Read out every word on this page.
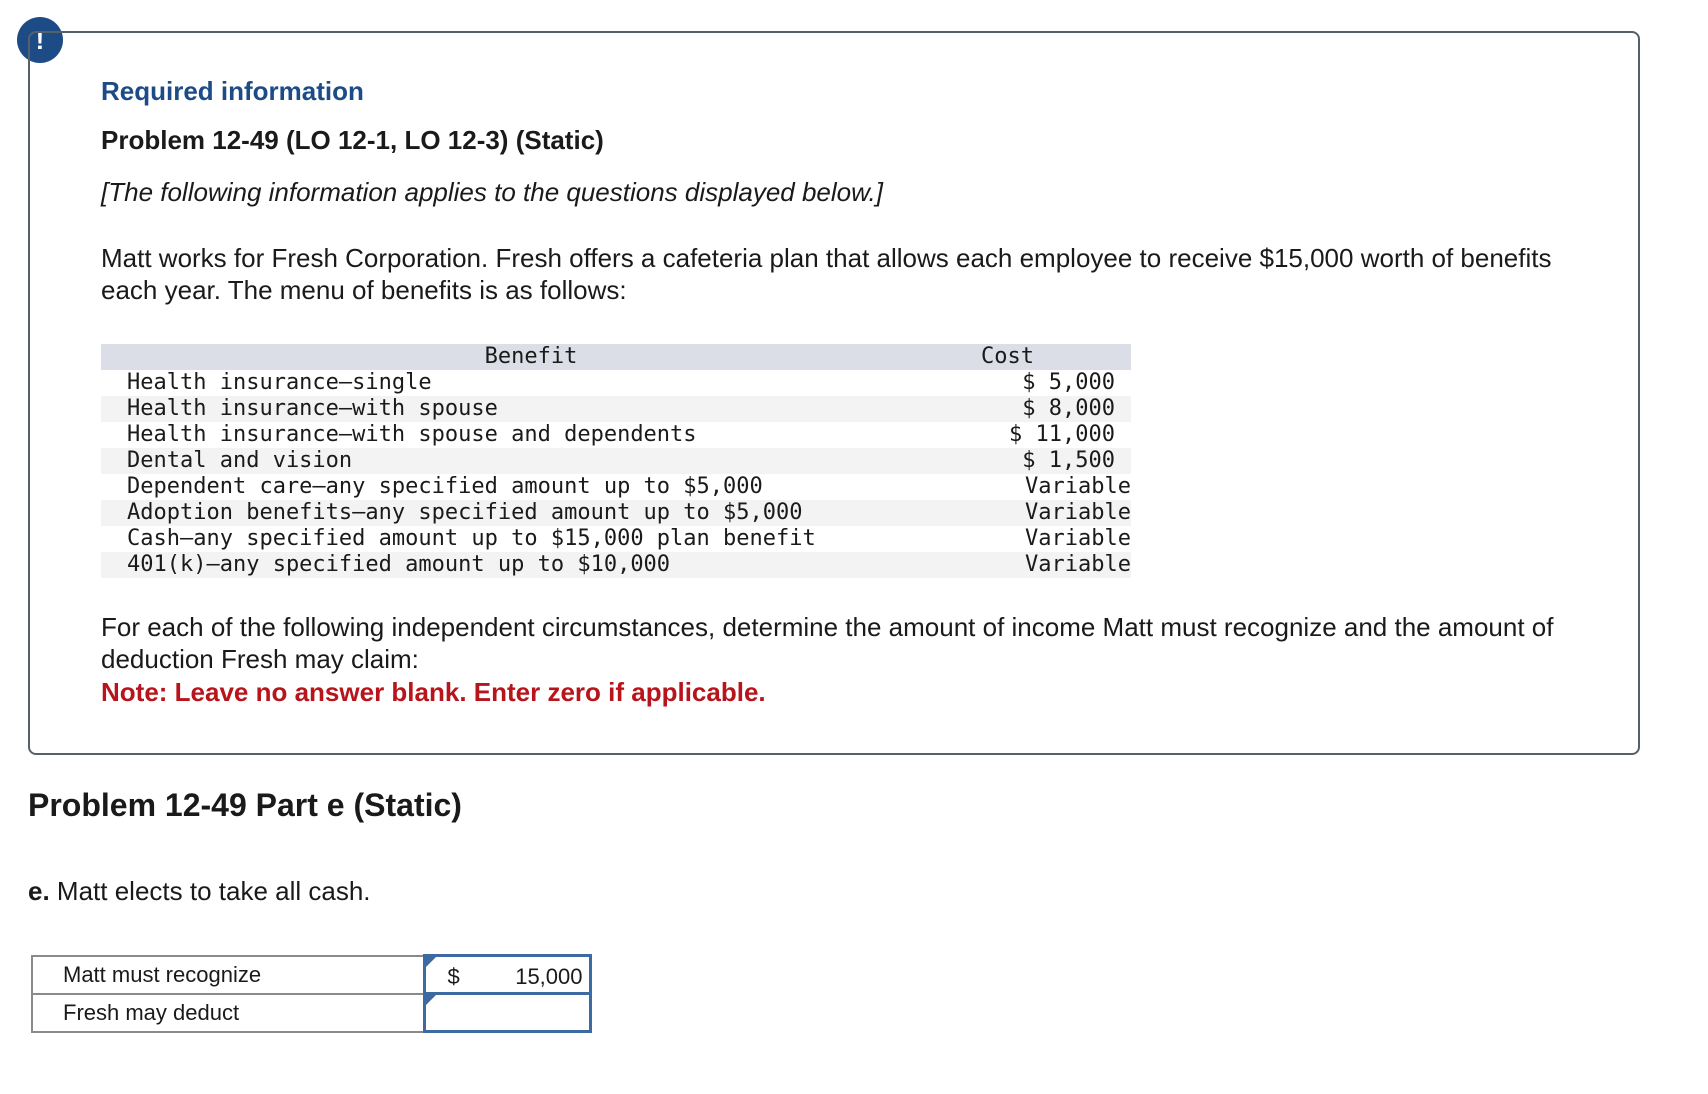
!
Required information
Problem 12-49 (LO 12-1, LO 12-3) (Static)
[The following information applies to the questions displayed below.]
Matt works for Fresh Corporation. Fresh offers a cafeteria plan that allows each employee to receive $15,000 worth of benefits each year. The menu of benefits is as follows:
Benefit	Cost
Health insurance—single	$ 5,000
Health insurance—with spouse	$ 8,000
Health insurance—with spouse and dependents	$ 11,000
Dental and vision	$ 1,500
Dependent care—any specified amount up to $5,000	Variable
Adoption benefits—any specified amount up to $5,000	Variable
Cash—any specified amount up to $15,000 plan benefit	Variable
401(k)—any specified amount up to $10,000	Variable
For each of the following independent circumstances, determine the amount of income Matt must recognize and the amount of deduction Fresh may claim:
Note: Leave no answer blank. Enter zero if applicable.
Problem 12-49 Part e (Static)
e. Matt elects to take all cash.
Matt must recognize	$ 15,000

Fresh may deduct	
